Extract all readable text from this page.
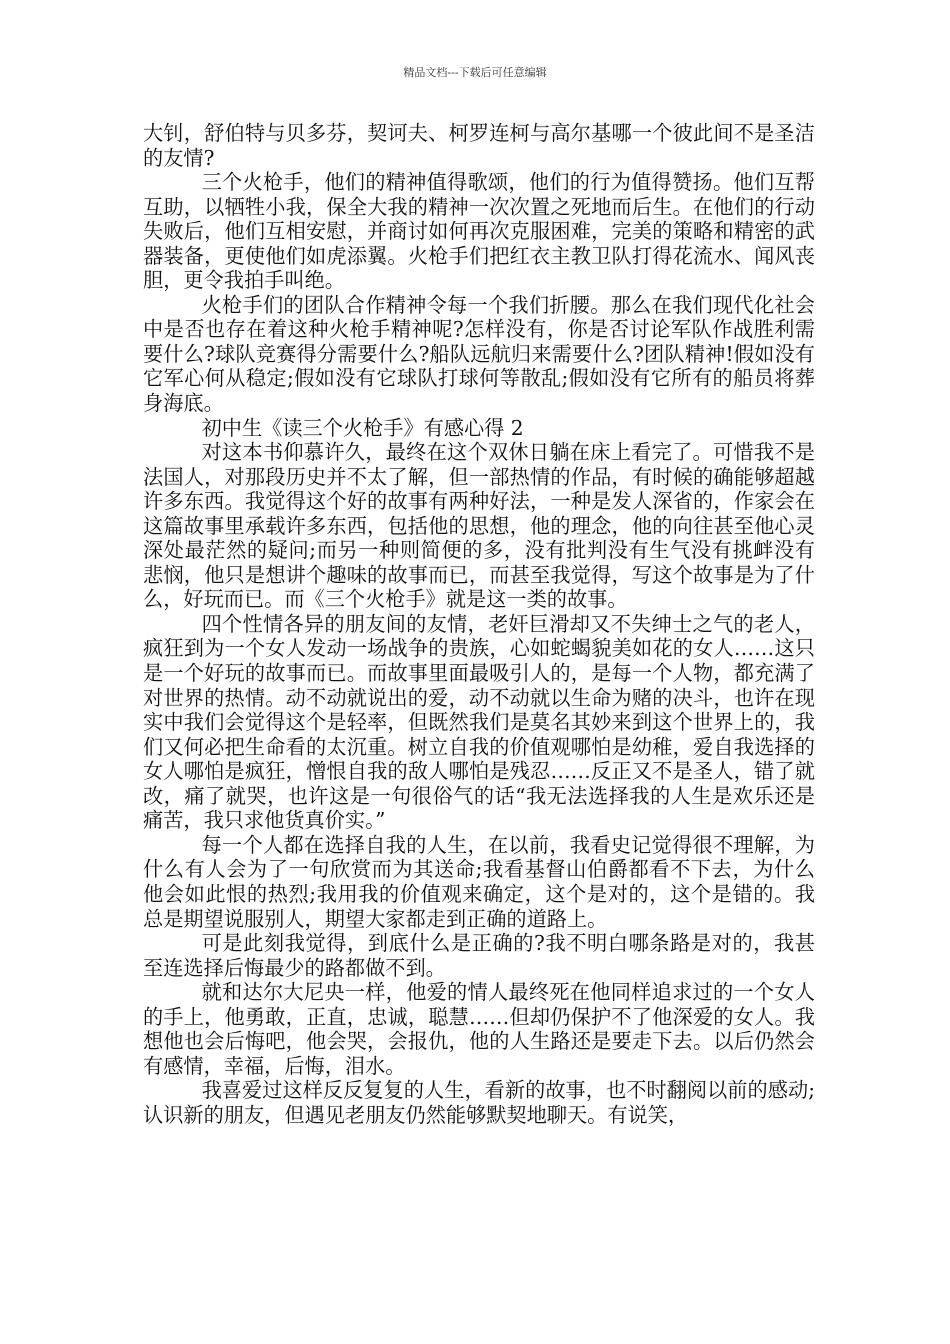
精品文档---下载后可任意编辑

大钊，舒伯特与贝多芬，契诃夫、柯罗连柯与高尔基哪一个彼此间不是圣洁的友情?

三个火枪手，他们的精神值得歌颂，他们的行为值得赞扬。他们互帮互助，以牺牲小我，保全大我的精神一次次置之死地而后生。在他们的行动失败后，他们互相安慰，并商讨如何再次克服困难，完美的策略和精密的武器装备，更使他们如虎添翼。火枪手们把红衣主教卫队打得花流水、闻风丧胆，更令我拍手叫绝。

火枪手们的团队合作精神令每一个我们折腰。那么在我们现代化社会中是否也存在着这种火枪手精神呢?怎样没有，你是否讨论军队作战胜利需要什么?球队竞赛得分需要什么?船队远航归来需要什么?团队精神!假如没有它军心何从稳定;假如没有它球队打球何等散乱;假如没有它所有的船员将葬身海底。

初中生《读三个火枪手》有感心得 2

对这本书仰慕许久，最终在这个双休日躺在床上看完了。可惜我不是法国人，对那段历史并不太了解，但一部热情的作品，有时候的确能够超越许多东西。我觉得这个好的故事有两种好法，一种是发人深省的，作家会在这篇故事里承载许多东西，包括他的思想，他的理念，他的向往甚至他心灵深处最茫然的疑问;而另一种则简便的多，没有批判没有生气没有挑衅没有悲悯，他只是想讲个趣味的故事而已，而甚至我觉得，写这个故事是为了什么，好玩而已。而《三个火枪手》就是这一类的故事。

四个性情各异的朋友间的友情，老奸巨滑却又不失绅士之气的老人，疯狂到为一个女人发动一场战争的贵族，心如蛇蝎貌美如花的女人……这只是一个好玩的故事而已。而故事里面最吸引人的，是每一个人物，都充满了对世界的热情。动不动就说出的爱，动不动就以生命为赌的决斗，也许在现实中我们会觉得这个是轻率，但既然我们是莫名其妙来到这个世界上的，我们又何必把生命看的太沉重。树立自我的价值观哪怕是幼稚，爱自我选择的女人哪怕是疯狂，憎恨自我的敌人哪怕是残忍……反正又不是圣人，错了就改，痛了就哭，也许这是一句很俗气的话“我无法选择我的人生是欢乐还是痛苦，我只求他货真价实。”

每一个人都在选择自我的人生，在以前，我看史记觉得很不理解，为什么有人会为了一句欣赏而为其送命;我看基督山伯爵都看不下去，为什么他会如此恨的热烈;我用我的价值观来确定，这个是对的，这个是错的。我总是期望说服别人，期望大家都走到正确的道路上。

可是此刻我觉得，到底什么是正确的?我不明白哪条路是对的，我甚至连选择后悔最少的路都做不到。

就和达尔大尼央一样，他爱的情人最终死在他同样追求过的一个女人的手上，他勇敢，正直，忠诚，聪慧……但却仍保护不了他深爱的女人。我想他也会后悔吧，他会哭，会报仇，他的人生路还是要走下去。以后仍然会有感情，幸福，后悔，泪水。

我喜爱过这样反反复复的人生，看新的故事，也不时翻阅以前的感动;认识新的朋友，但遇见老朋友仍然能够默契地聊天。有说笑，
